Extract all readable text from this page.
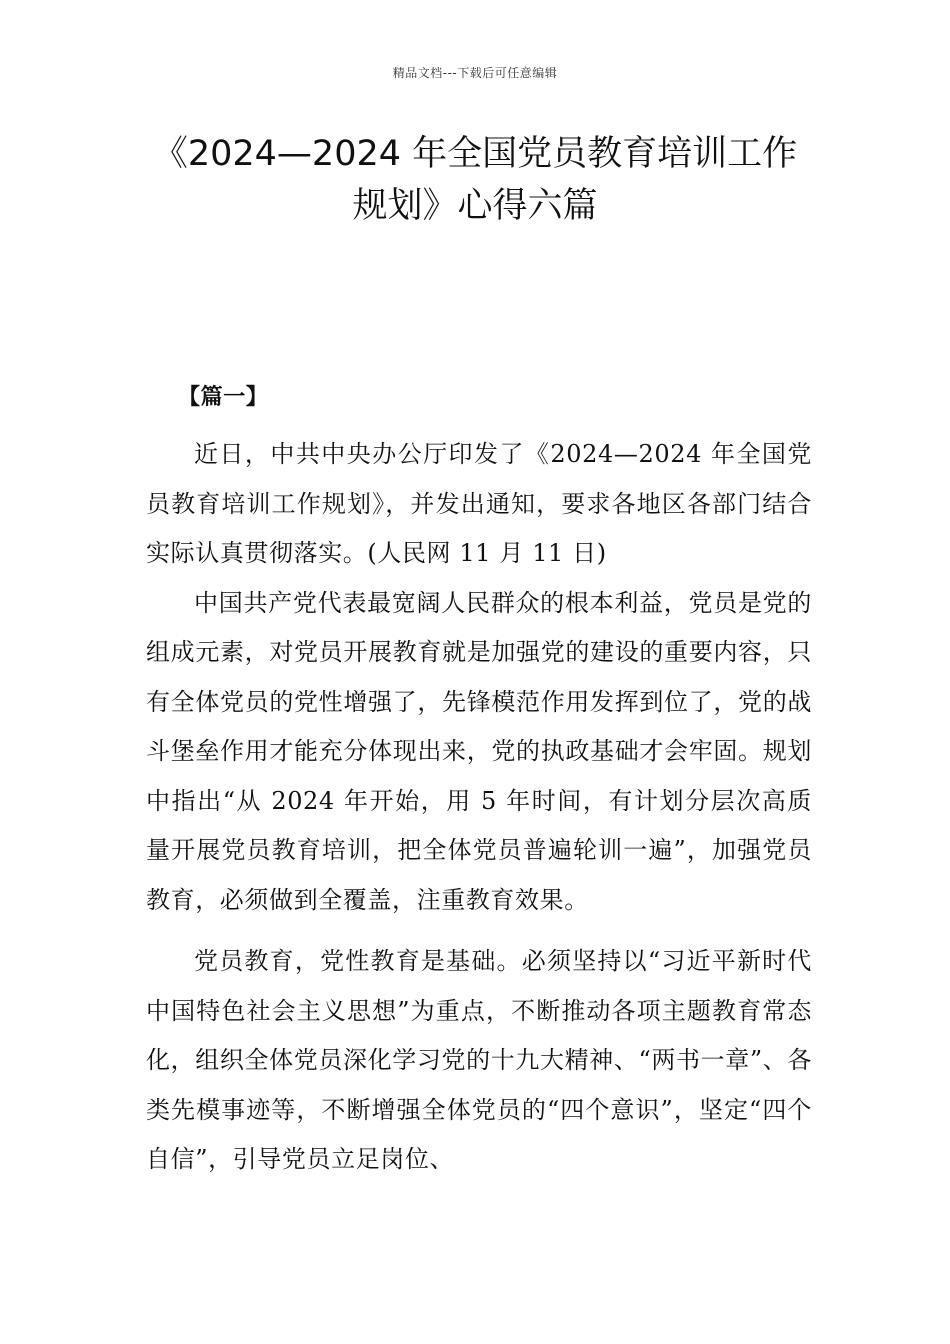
精品文档---下载后可任意编辑
《2024—2024 年全国党员教育培训工作
规划》心得六篇

【篇一】

近日，中共中央办公厅印发了《2024—2024 年全国党员教育培训工作规划》，并发出通知，要求各地区各部门结合实际认真贯彻落实。(人民网 11 月 11 日)

中国共产党代表最宽阔人民群众的根本利益，党员是党的组成元素，对党员开展教育就是加强党的建设的重要内容，只有全体党员的党性增强了，先锋模范作用发挥到位了，党的战斗堡垒作用才能充分体现出来，党的执政基础才会牢固。规划中指出“从 2024 年开始，用 5 年时间，有计划分层次高质量开展党员教育培训，把全体党员普遍轮训一遍”，加强党员教育，必须做到全覆盖，注重教育效果。

党员教育，党性教育是基础。必须坚持以“习近平新时代中国特色社会主义思想”为重点，不断推动各项主题教育常态化，组织全体党员深化学习党的十九大精神、“两书一章”、各类先模事迹等，不断增强全体党员的“四个意识”，坚定“四个自信”，引导党员立足岗位、
